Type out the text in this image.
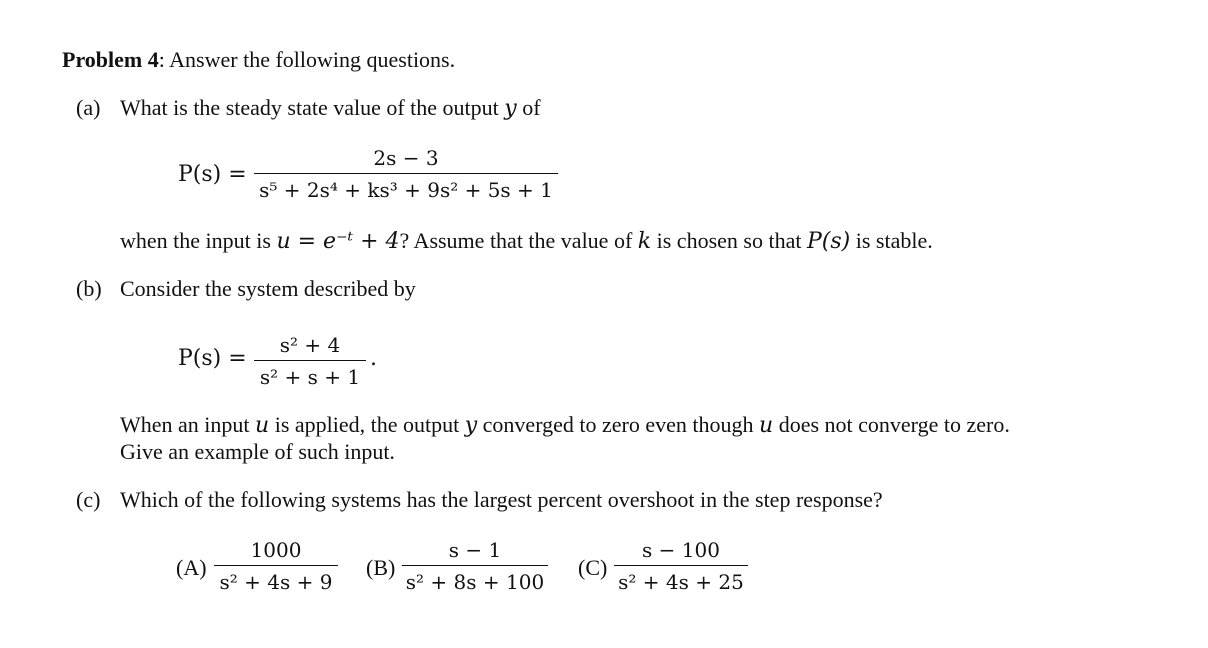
Problem 4: Answer the following questions.
(a) What is the steady state value of the output y of
P(s) =
2s − 3
s⁵ + 2s⁴ + ks³ + 9s² + 5s + 1
when the input is u = e⁻ᵗ + 4? Assume that the value of k is chosen so that P(s) is stable.
(b) Consider the system described by
P(s) =
s² + 4
s² + s + 1
.
When an input u is applied, the output y converged to zero even though u does not converge to zero.
Give an example of such input.
(c) Which of the following systems has the largest percent overshoot in the step response?
(A)
1000
s² + 4s + 9
(B)
s − 1
s² + 8s + 100
(C)
s − 100
s² + 4s + 25
